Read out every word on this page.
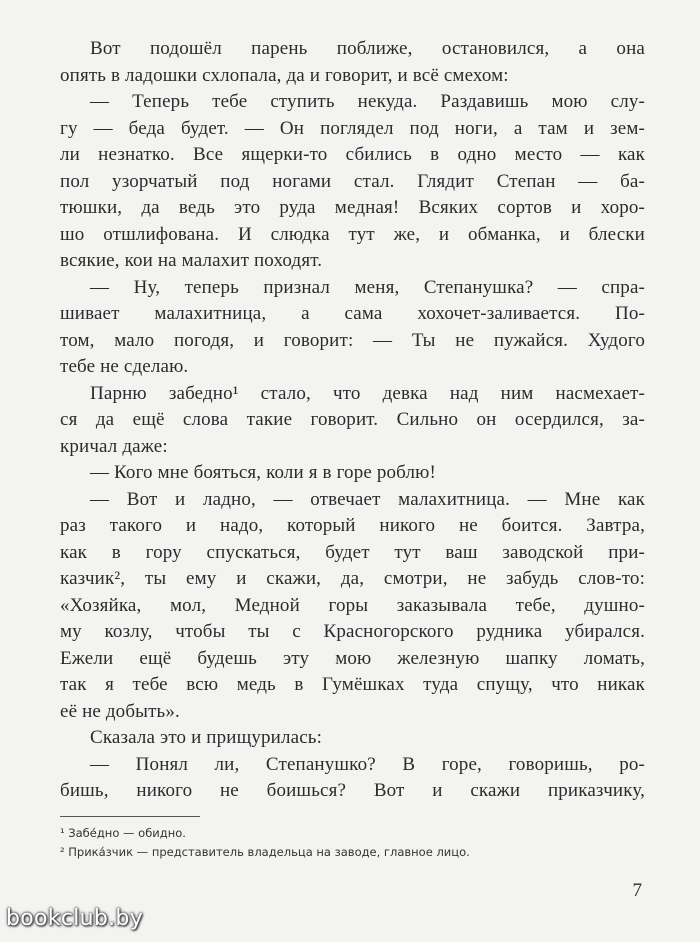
Вот подошёл парень поближе, остановился, а она
опять в ладошки схлопала, да и говорит, и всё смехом:

— Теперь тебе ступить некуда. Раздавишь мою слу-
гу — беда будет. — Он поглядел под ноги, а там и зем-
ли незнатко. Все ящерки-то сбились в одно место — как
пол узорчатый под ногами стал. Глядит Степан — ба-
тюшки, да ведь это руда медная! Всяких сортов и хоро-
шо отшлифована. И слюдка тут же, и обманка, и блески
всякие, кои на малахит походят.

— Ну, теперь признал меня, Степанушка? — спра-
шивает малахитница, а сама хохочет-заливается. По-
том, мало погодя, и говорит: — Ты не пужайся. Худого
тебе не сделаю.

Парню забедно¹ стало, что девка над ним насмехает-
ся да ещё слова такие говорит. Сильно он осердился, за-
кричал даже:

— Кого мне бояться, коли я в горе роблю!

— Вот и ладно, — отвечает малахитница. — Мне как
раз такого и надо, который никого не боится. Завтра,
как в гору спускаться, будет тут ваш заводской при-
казчик², ты ему и скажи, да, смотри, не забудь слов-то:
«Хозяйка, мол, Медной горы заказывала тебе, душно-
му козлу, чтобы ты с Красногорского рудника убирался.
Ежели ещё будешь эту мою железную шапку ломать,
так я тебе всю медь в Гумёшках туда спущу, что никак
её не добыть».

Сказала это и прищурилась:

— Понял ли, Степанушко? В горе, говоришь, ро-
бишь, никого не боишься? Вот и скажи приказчику,

¹ Забе́дно — обидно.
² Прика́зчик — представитель владельца на заводе, главное лицо.
7
bookclub.by
